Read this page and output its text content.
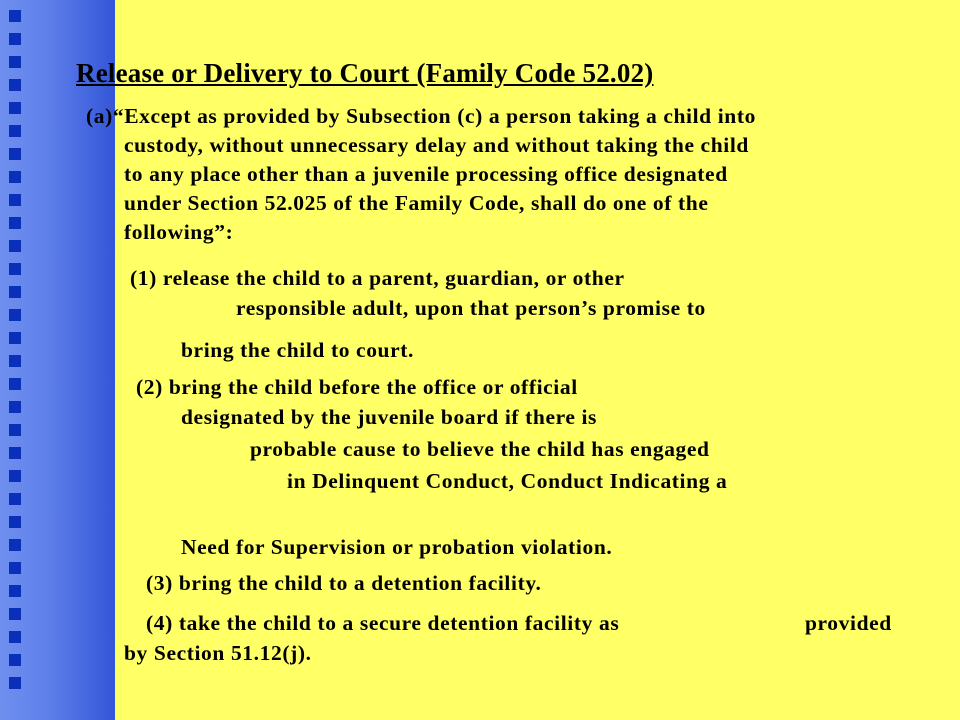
Release or Delivery to Court (Family Code 52.02)
(a)“Except as provided by Subsection (c) a person taking a child into
custody, without unnecessary delay and without taking the child
to any place other than a juvenile processing office designated
under Section 52.025 of the Family Code, shall do one of the
following”:
(1) release the child to a parent, guardian, or other
responsible adult, upon that person’s promise to
bring the child to court.
(2) bring the child before the office or official
designated by the juvenile board if there is
probable cause to believe the child has engaged
in Delinquent Conduct, Conduct Indicating a
Need for Supervision or probation violation.
(3) bring the child to a detention facility.
(4) take the child to a secure detention facility as	provided
by Section 51.12(j).
